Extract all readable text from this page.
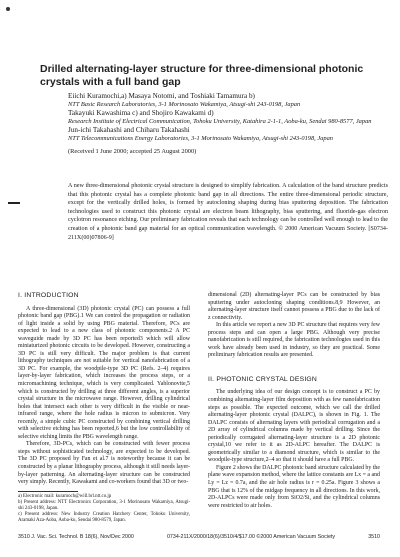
Drilled alternating-layer structure for three-dimensional photonic crystals with a full band gap
Eiichi Kuramochi,a) Masaya Notomi, and Toshiaki Tamamura b)
NTT Basic Research Laboratories, 3-1 Morinosato Wakamiya, Atsugi-shi 243-0198, Japan
Takayuki Kawashima c) and Shojiro Kawakami d)
Research Institute of Electrical Communication, Tohoku University, Katahira 2-1-1, Aoba-ku, Sendai 980-8577, Japan
Jun-ichi Takahashi and Chiharu Takahashi
NTT Telecommunications Energy Laboratories, 3-1 Morinosato Wakamiya, Atsugi-shi 243-0198, Japan
(Received 1 June 2000; accepted 25 August 2000)
A new three-dimensional photonic crystal structure is designed to simplify fabrication. A calculation of the band structure predicts that this photonic crystal has a complete photonic band gap in all directions. The entire three-dimensional periodic structure, except for the vertically drilled holes, is formed by autocloning shaping during bias sputtering deposition. The fabrication technologies used to construct this photonic crystal are electron beam lithography, bias sputtering, and fluoride-gas electron cyclotron resonance etching. Our preliminary fabrication reveals that each technology can be controlled well enough to lead to the creation of a photonic band gap material for an optical communication wavelength. © 2000 American Vacuum Society. [S0734-211X(00)07806-9]
I. INTRODUCTION

A three-dimensional (3D) photonic crystal (PC) can possess a full photonic band gap (PBG).1 We can control the propagation or radiation of light inside a solid by using PBG material. Therefore, PCs are expected to lead to a new class of photonic components.2 A PC waveguide made by 3D PC has been reported3 which will allow miniaturized photonic circuits to be developed. However, constructing a 3D PC is still very difficult. The major problem is that current lithography techniques are not suitable for vertical nanofabrication of a 3D PC. For example, the woodpile-type 3D PC (Refs. 2–4) requires layer-by-layer fabrication, which increases the process steps, or a micromachining technique, which is very complicated. Yablonovite,5 which is constructed by drilling at three different angles, is a superior crystal structure in the microwave range. However, drilling cylindrical holes that intersect each other is very difficult in the visible or near-infrared range, where the hole radius is micron to submicron. Very recently, a simple cubic PC constructed by combining vertical drilling with selective etching has been reported,6 but the low controllability of selective etching limits the PBG wavelength range.

Therefore, 3D-PCs, which can be constructed with fewer process steps without sophisticated technology, are expected to be developed. The 3D PC proposed by Fan et al.7 is noteworthy because it can be constructed by a planar lithography process, although it still needs layer-by-layer patterning. An alternating-layer structure can be constructed very simply. Recently, Kawakami and co-workers found that 3D or two-

a) Electronic mail: kuramoch@will.brl.ntt.co.jp

b) Present address: NTT Electronics Corporation, 3-1 Morinosato Wakamiya, Atsugi-shi 243-0198, Japan.

c) Present address: New Industry Creation Hatchery Center, Tohoku University, Aramaki Aza-Aoba, Aoba-ku, Sendai 980-8579, Japan.

dimensional (2D) alternating-layer PCs can be constructed by bias sputtering under autocloning shaping conditions.8,9 However, an alternating-layer structure itself cannot possess a PBG due to the lack of z connectivity.

In this article we report a new 3D PC structure that requires very few process steps and can open a large PBG. Although very precise nanofabrication is still required, the fabrication technologies used in this work have already been used in industry, so they are practical. Some preliminary fabrication results are presented.

II. PHOTONIC CRYSTAL DESIGN

The underlying idea of our design concept is to construct a PC by combining alternating-layer film deposition with as few nanofabrication steps as possible. The expected outcome, which we call the drilled alternating-layer photonic crystal (DALPC), is shown in Fig. 1. The DALPC consists of alternating layers with periodical corrugation and a 2D array of cylindrical columns made by vertical drilling. Since the periodically corrugated alternating-layer structure is a 2D photonic crystal,10 we refer to it as 2D-ALPC hereafter. The DALPC is geometrically similar to a diamond structure, which is similar to the woodpile-type structure,2–4 so that it should have a full PBG.

Figure 2 shows the DALPC photonic band structure calculated by the plane wave expansion method, where the lattice constants are Lx = a and Ly = Lz = 0.7a, and the air hole radius is r = 0.25a. Figure 3 shows a PBG that is 12% of the midgap frequency in all directions. In this work, 2D-ALPCs were made only from SiO2/Si, and the cylindrical columns were restricted to air holes.

3510 J. Vac. Sci. Technol. B 18(6), Nov/Dec 2000	0734-211X/2000/18(6)/3510/4/$17.00 ©2000 American Vacuum Society	3510
